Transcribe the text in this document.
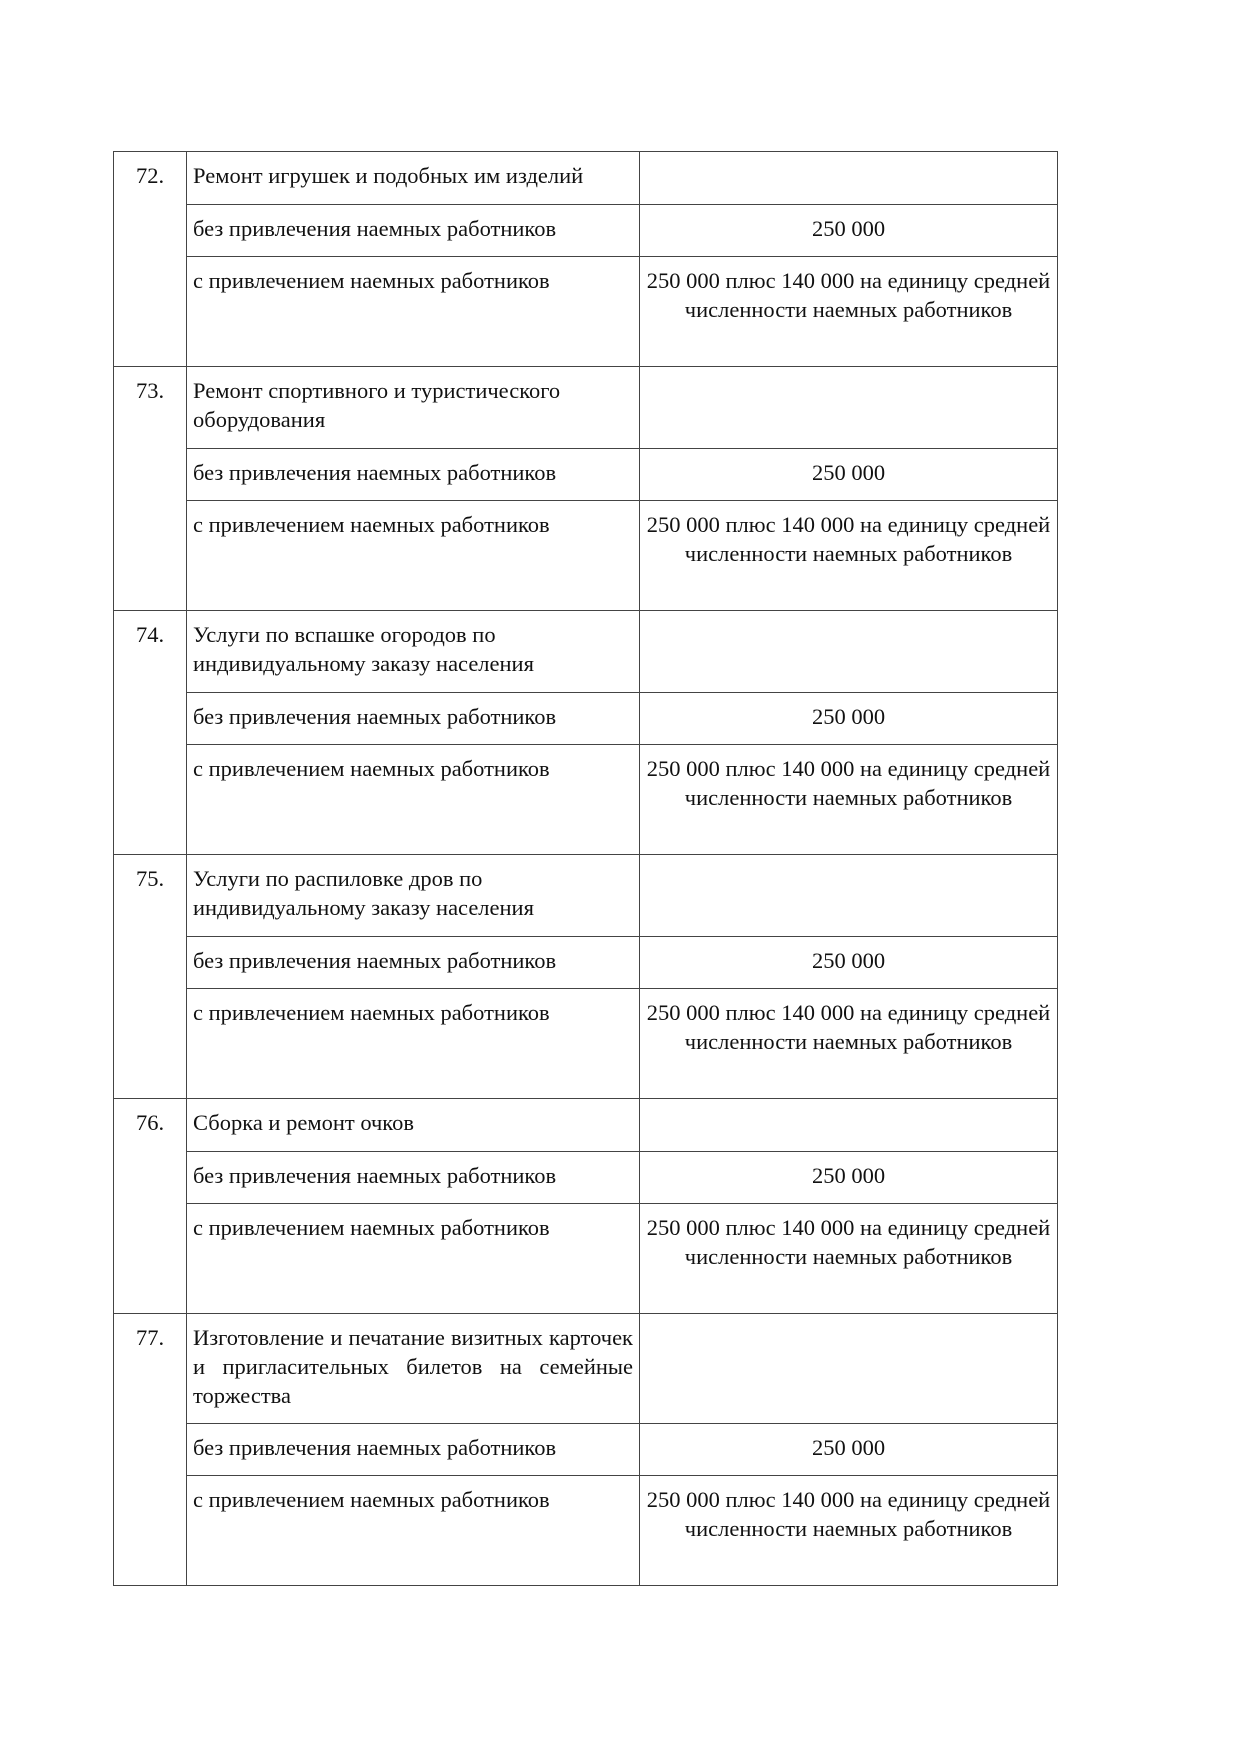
72.	Ремонт игрушек и подобных им изделий	
	без привлечения наемных работников	250 000
	с привлечением наемных работников	250 000 плюс 140 000 на единицу средней численности наемных работников
73.	Ремонт спортивного и туристического оборудования	
	без привлечения наемных работников	250 000
	с привлечением наемных работников	250 000 плюс 140 000 на единицу средней численности наемных работников
74.	Услуги по вспашке огородов по индивидуальному заказу населения	
	без привлечения наемных работников	250 000
	с привлечением наемных работников	250 000 плюс 140 000 на единицу средней численности наемных работников
75.	Услуги по распиловке дров по индивидуальному заказу населения	
	без привлечения наемных работников	250 000
	с привлечением наемных работников	250 000 плюс 140 000 на единицу средней численности наемных работников
76.	Сборка и ремонт очков	
	без привлечения наемных работников	250 000
	с привлечением наемных работников	250 000 плюс 140 000 на единицу средней численности наемных работников
77.	Изготовление и печатание визитных карточек и пригласительных билетов на семейные торжества	
	без привлечения наемных работников	250 000
	с привлечением наемных работников	250 000 плюс 140 000 на единицу средней численности наемных работников
